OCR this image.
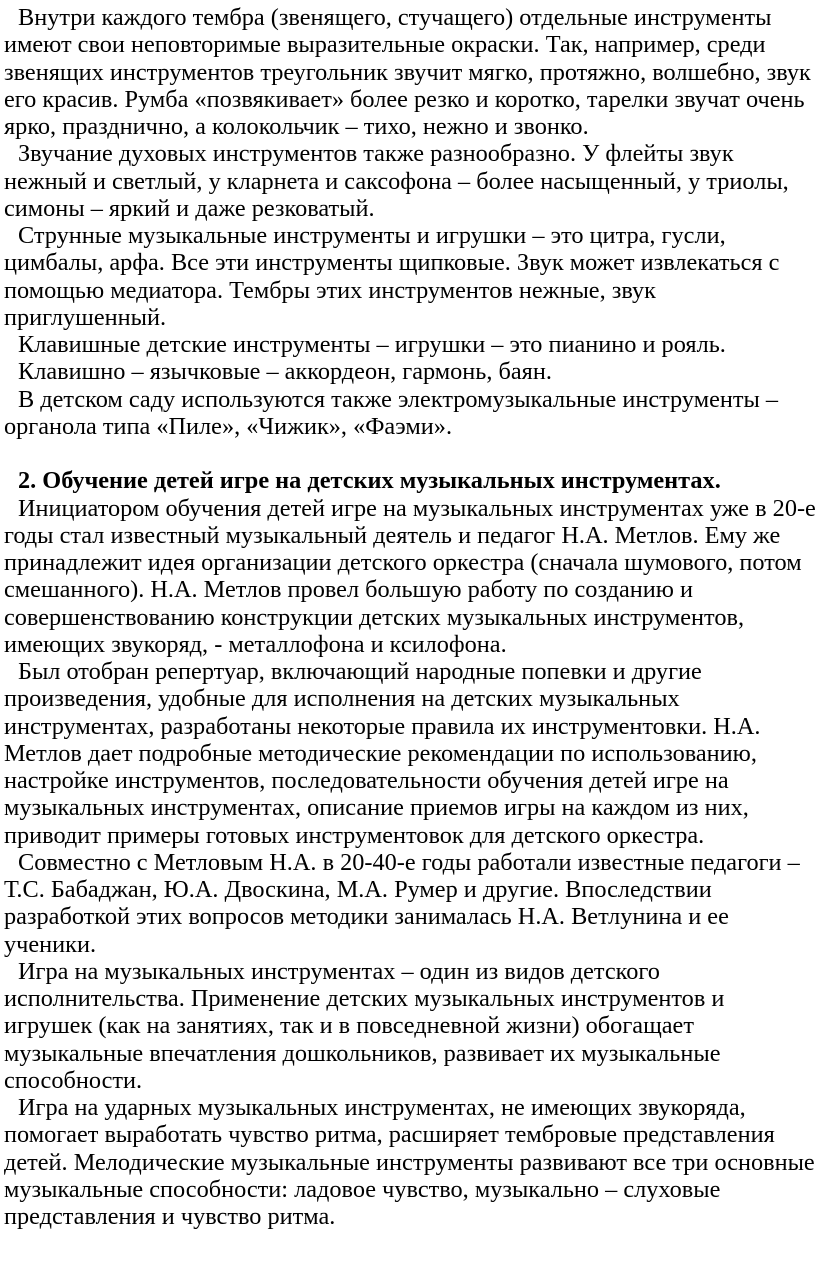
Внутри каждого тембра (звенящего, стучащего) отдельные инструменты имеют свои неповторимые выразительные окраски. Так, например, среди звенящих инструментов треугольник звучит мягко, протяжно, волшебно, звук его красив. Румба «позвякивает» более резко и коротко, тарелки звучат очень ярко, празднично, а колокольчик – тихо, нежно и звонко.

Звучание духовых инструментов также разнообразно. У флейты звук нежный и светлый, у кларнета и саксофона – более насыщенный, у триолы, симоны – яркий и даже резковатый.

Струнные музыкальные инструменты и игрушки – это цитра, гусли, цимбалы, арфа. Все эти инструменты щипковые. Звук может извлекаться с помощью медиатора. Тембры этих инструментов нежные, звук приглушенный.

Клавишные детские инструменты – игрушки – это пианино и рояль.

Клавишно – язычковые – аккордеон, гармонь, баян.

В детском саду используются также электромузыкальные инструменты – органола типа «Пиле», «Чижик», «Фаэми».

2. Обучение детей игре на детских музыкальных инструментах.

Инициатором обучения детей игре на музыкальных инструментах уже в 20-е годы стал известный музыкальный деятель и педагог Н.А. Метлов. Ему же принадлежит идея организации детского оркестра (сначала шумового, потом смешанного). Н.А. Метлов провел большую работу по созданию и совершенствованию конструкции детских музыкальных инструментов, имеющих звукоряд, - металлофона и ксилофона.

Был отобран репертуар, включающий народные попевки и другие произведения, удобные для исполнения на детских музыкальных инструментах, разработаны некоторые правила их инструментовки. Н.А. Метлов дает подробные методические рекомендации по использованию, настройке инструментов, последовательности обучения детей игре на музыкальных инструментах, описание приемов игры на каждом из них, приводит примеры готовых инструментовок для детского оркестра.

Совместно с Метловым Н.А. в 20-40-е годы работали известные педагоги – Т.С. Бабаджан, Ю.А. Двоскина, М.А. Румер и другие. Впоследствии разработкой этих вопросов методики занималась Н.А. Ветлунина и ее ученики.

Игра на музыкальных инструментах – один из видов детского исполнительства. Применение детских музыкальных инструментов и игрушек (как на занятиях, так и в повседневной жизни) обогащает музыкальные впечатления дошкольников, развивает их музыкальные способности.

Игра на ударных музыкальных инструментах, не имеющих звукоряда, помогает выработать чувство ритма, расширяет тембровые представления детей. Мелодические музыкальные инструменты развивают все три основные музыкальные способности: ладовое чувство, музыкально – слуховые представления и чувство ритма.
